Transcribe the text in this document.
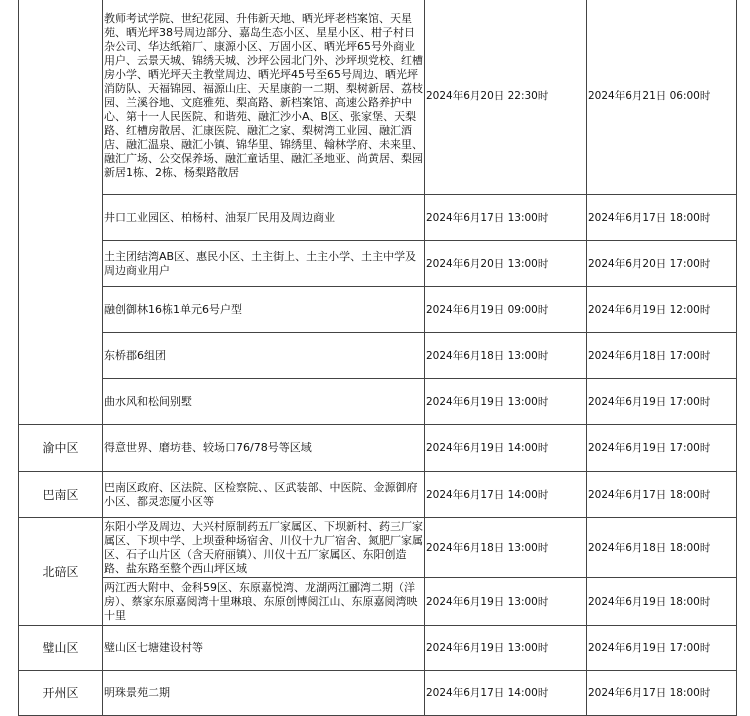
	教师考试学院、世纪花园、升伟新天地、晒光坪老档案馆、天星苑、晒光坪38号周边部分、嘉岛生态小区、星星小区、柑子村日杂公司、华达纸箱厂、康源小区、万固小区、晒光坪65号外商业用户、云景天城、锦绣天城、沙坪公园北门外、沙坪坝党校、红槽房小学、晒光坪天主教堂周边、晒光坪45号至65号周边、晒光坪消防队、天福锦园、福源山庄、天星康韵一二期、梨树新居、荔枝园、兰溪谷地、文庭雅苑、梨高路、新档案馆、高速公路养护中心、第十一人民医院、和谐苑、融汇沙小A、B区、张家堡、天梨路、红槽房散居、汇康医院、融汇之家、梨树湾工业园、融汇酒店、融汇温泉、融汇小镇、锦华里、锦绣里、翰林学府、未来里、融汇广场、公交保养场、融汇童话里、融汇圣地亚、尚黄居、梨园新居1栋、2栋、杨梨路散居	2024年6月20日 22:30时	2024年6月21日 06:00时
	井口工业园区、柏杨村、油泵厂民用及周边商业	2024年6月17日 13:00时	2024年6月17日 18:00时
	土主团结湾AB区、惠民小区、土主街上、土主小学、土主中学及周边商业用户	2024年6月20日 13:00时	2024年6月20日 17:00时
	融创御林16栋1单元6号户型	2024年6月19日 09:00时	2024年6月19日 12:00时
	东桥郡6组团	2024年6月18日 13:00时	2024年6月18日 17:00时
	曲水风和松间别墅	2024年6月19日 13:00时	2024年6月19日 17:00时
渝中区	得意世界、磨坊巷、较场口76/78号等区域	2024年6月19日 14:00时	2024年6月19日 17:00时
巴南区	巴南区政府、区法院、区检察院、、区武装部、中医院、金源御府小区、都灵恋厦小区等	2024年6月17日 14:00时	2024年6月17日 18:00时
北碚区	东阳小学及周边、大兴村原制药五厂家属区、下坝新村、药三厂家属区、下坝中学、上坝蚕种场宿舍、川仪十九厂宿舍、氮肥厂家属区、石子山片区（含天府丽镇）、川仪十五厂家属区、东阳创造路、盐东路至整个西山坪区域	2024年6月18日 13:00时	2024年6月18日 18:00时
	两江西大附中、金科59区、东原嘉悦湾、龙湖两江郦湾二期（洋房）、蔡家东原嘉阅湾十里琳琅、东原创博阅江山、东原嘉阅湾映十里	2024年6月19日 13:00时	2024年6月19日 18:00时
璧山区	璧山区七塘建设村等	2024年6月19日 13:00时	2024年6月19日 17:00时
开州区	明珠景苑二期	2024年6月17日 14:00时	2024年6月17日 18:00时
